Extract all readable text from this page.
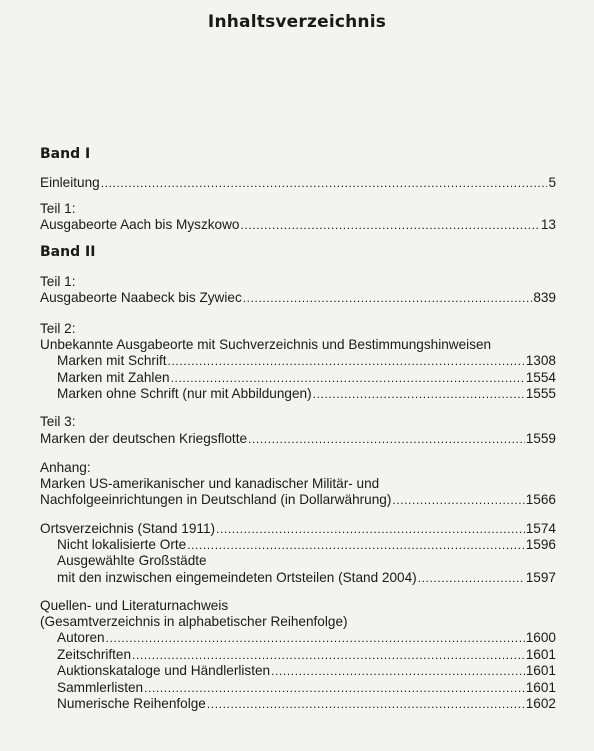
Inhaltsverzeichnis
Band I
Einleitung .....	5
Teil 1:
Ausgabeorte Aach bis Myszkowo .....	13
Band II
Teil 1:
Ausgabeorte Naabeck bis Zywiec .....	839
Teil 2:
Unbekannte Ausgabeorte mit Suchverzeichnis und Bestimmungshinweisen
Marken mit Schrift .....	1308
Marken mit Zahlen .....	1554
Marken ohne Schrift (nur mit Abbildungen) .....	1555
Teil 3:
Marken der deutschen Kriegsflotte .....	1559
Anhang:
Marken US-amerikanischer und kanadischer Militär- und
Nachfolgeeinrichtungen in Deutschland (in Dollarwährung) .....	1566
Ortsverzeichnis (Stand 1911) .....	1574
Nicht lokalisierte Orte .....	1596
Ausgewählte Großstädte
mit den inzwischen eingemeindeten Ortsteilen (Stand 2004) .....	1597
Quellen- und Literaturnachweis
(Gesamtverzeichnis in alphabetischer Reihenfolge)
Autoren .....	1600
Zeitschriften .....	1601
Auktionskataloge und Händlerlisten .....	1601
Sammlerlisten .....	1601
Numerische Reihenfolge .....	1602
